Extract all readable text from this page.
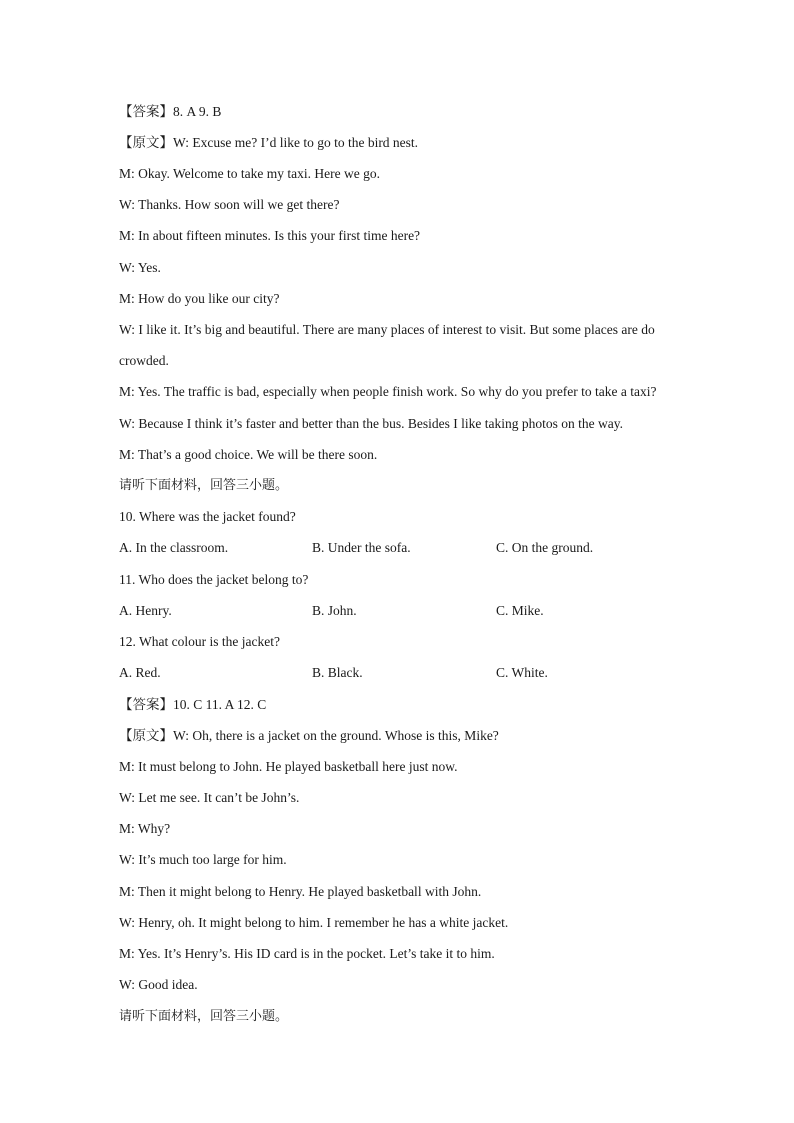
【答案】8. A 9. B
【原文】W: Excuse me? I’d like to go to the bird nest.
M: Okay. Welcome to take my taxi. Here we go.
W: Thanks. How soon will we get there?
M: In about fifteen minutes. Is this your first time here?
W: Yes.
M: How do you like our city?
W: I like it. It’s big and beautiful. There are many places of interest to visit. But some places are do
crowded.
M: Yes. The traffic is bad, especially when people finish work. So why do you prefer to take a taxi?
W: Because I think it’s faster and better than the bus. Besides I like taking photos on the way.
M: That’s a good choice. We will be there soon.
请听下面材料，回答三小题。
10. Where was the jacket found?
A. In the classroom.	B. Under the sofa.	C. On the ground.
11. Who does the jacket belong to?
A. Henry.	B. John.	C. Mike.
12. What colour is the jacket?
A. Red.	B. Black.	C. White.
【答案】10. C 11. A 12. C
【原文】W: Oh, there is a jacket on the ground. Whose is this, Mike?
M: It must belong to John. He played basketball here just now.
W: Let me see. It can’t be John’s.
M: Why?
W: It’s much too large for him.
M: Then it might belong to Henry. He played basketball with John.
W: Henry, oh. It might belong to him. I remember he has a white jacket.
M: Yes. It’s Henry’s. His ID card is in the pocket. Let’s take it to him.
W: Good idea.
请听下面材料，回答三小题。
